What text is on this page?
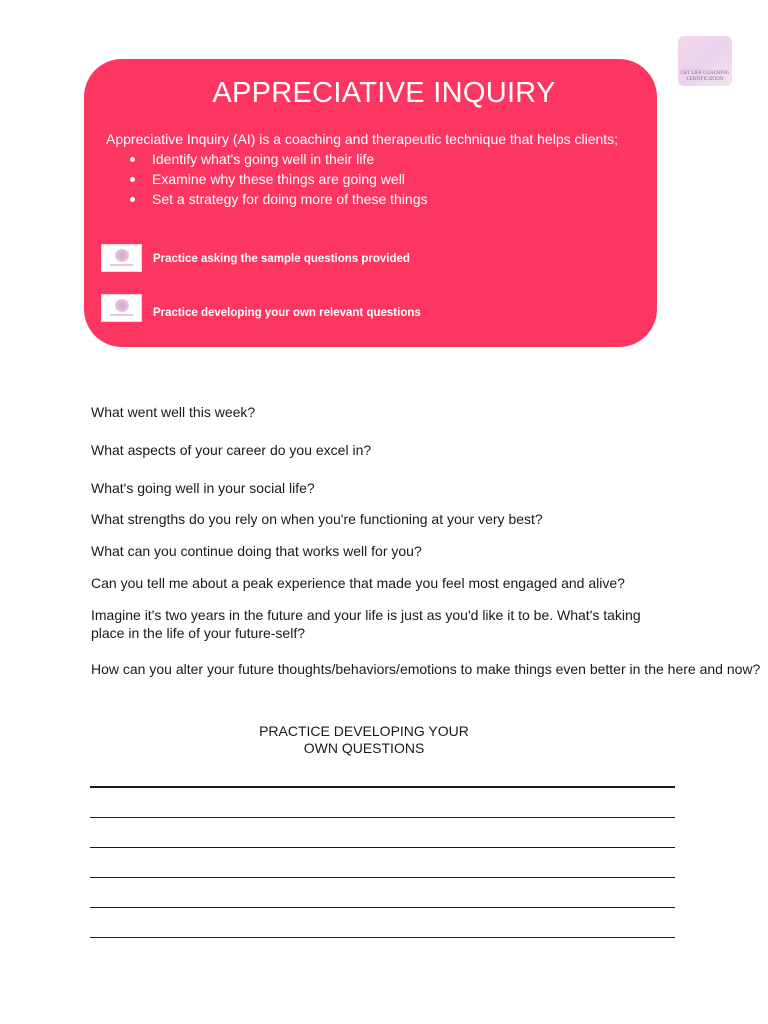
CBT LIFE COACHING CERTIFICATION
APPRECIATIVE INQUIRY
Appreciative Inquiry (AI) is a coaching and therapeutic technique that helps clients;
Identify what's going well in their life
Examine why these things are going well
Set a strategy for doing more of these things
Practice asking the sample questions provided
Practice developing your own relevant questions
What went well this week?
What aspects of your career do you excel in?
What's going well in your social life?
What strengths do you rely on when you're functioning at your very best?
What can you continue doing that works well for you?
Can you tell me about a peak experience that made you feel most engaged and alive?
Imagine it's two years in the future and your life is just as you'd like it to be. What's taking place in the life of your future-self?
How can you alter your future thoughts/behaviors/emotions to make things even better in the here and now?
PRACTICE DEVELOPING YOUR
OWN QUESTIONS
